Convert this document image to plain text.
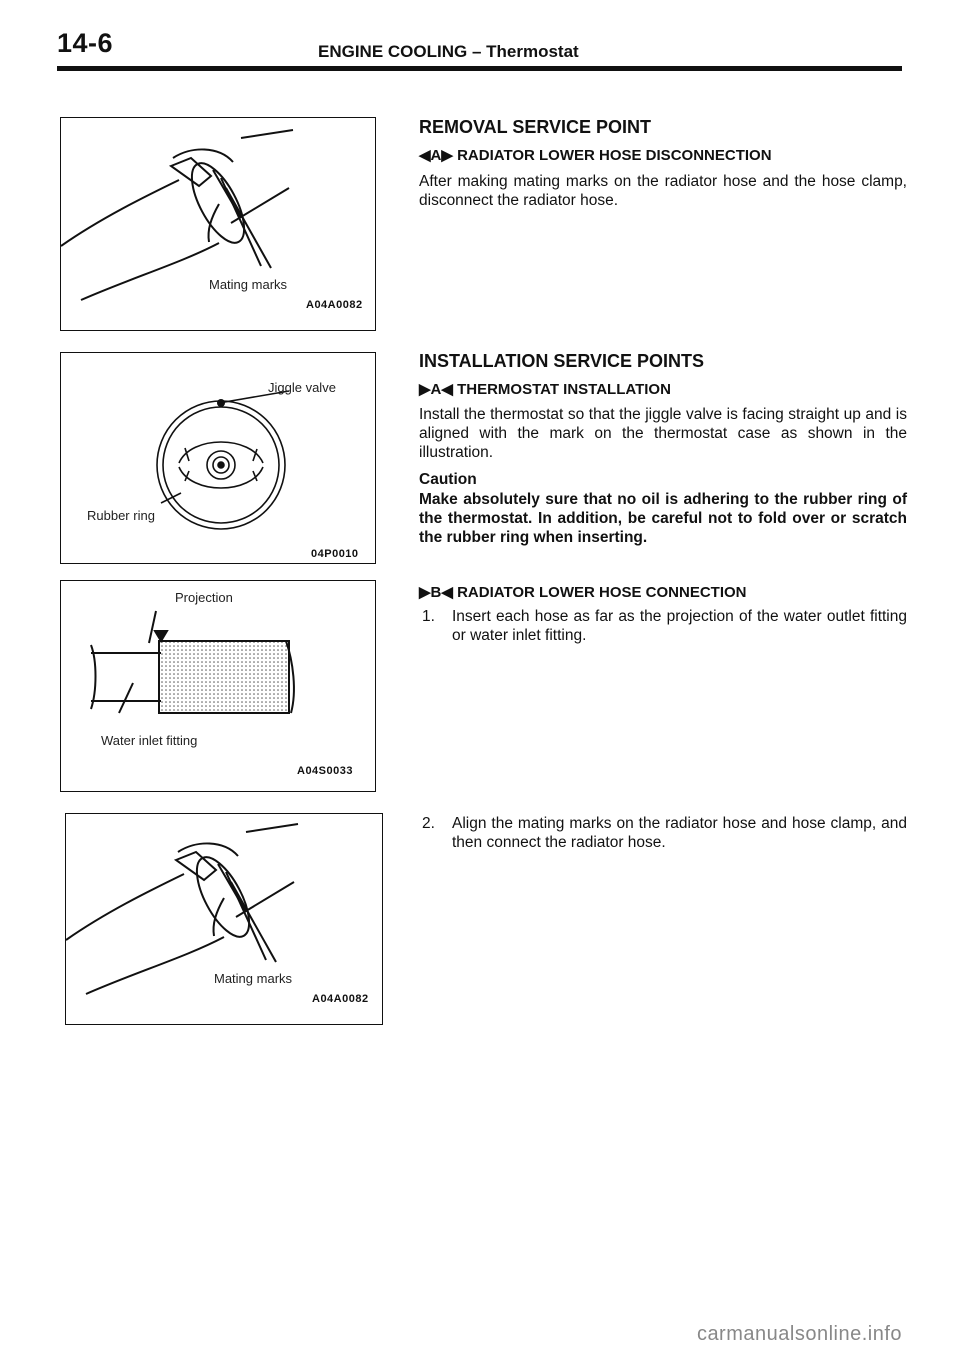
14-6	ENGINE COOLING – Thermostat
Mating marks
A04A0082
Jiggle valve
Rubber ring
04P0010
Projection
Water inlet fitting
A04S0033
Mating marks
A04A0082
REMOVAL SERVICE POINT
◀A▶ RADIATOR LOWER HOSE DISCONNECTION
After making mating marks on the radiator hose and the hose clamp, disconnect the radiator hose.
INSTALLATION SERVICE POINTS
▶A◀ THERMOSTAT INSTALLATION
Install the thermostat so that the jiggle valve is facing straight up and is aligned with the mark on the thermostat case as shown in the illustration.
Caution
Make absolutely sure that no oil is adhering to the rubber ring of the thermostat. In addition, be careful not to fold over or scratch the rubber ring when inserting.
▶B◀ RADIATOR LOWER HOSE CONNECTION
1. Insert each hose as far as the projection of the water outlet fitting or water inlet fitting.
2. Align the mating marks on the radiator hose and hose clamp, and then connect the radiator hose.
carmanualsonline.info
